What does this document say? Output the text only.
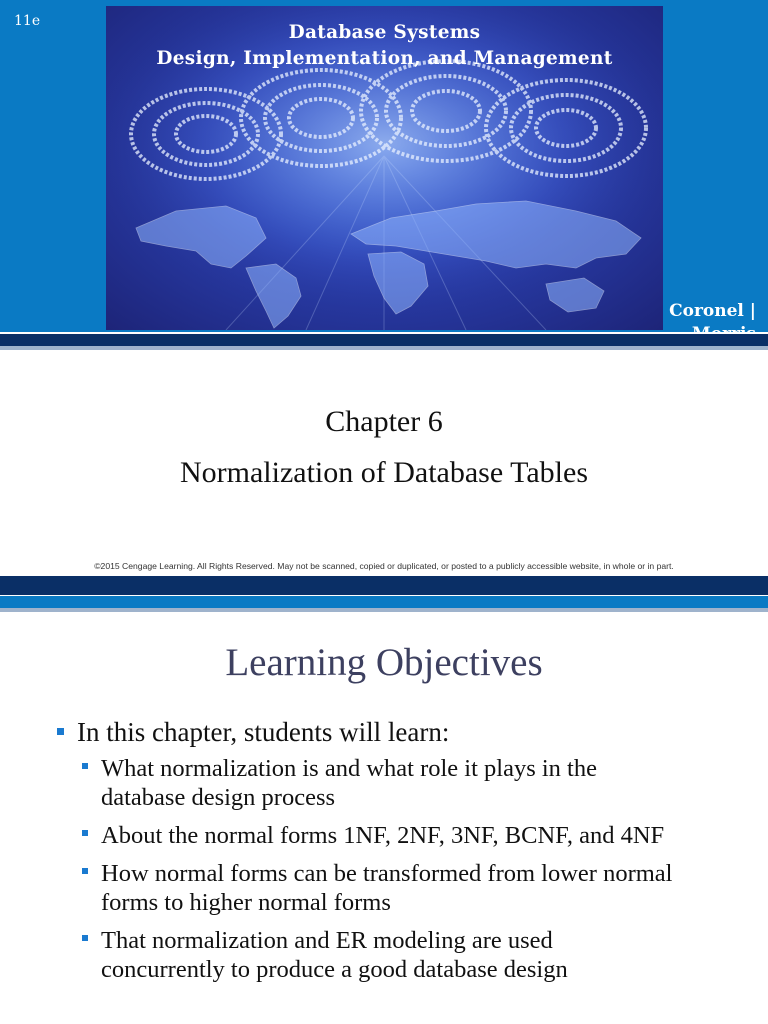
11e
Database Systems
Design, Implementation, and Management
Coronel |
Chapter 6
Normalization of Database Tables
©2015 Cengage Learning. All Rights Reserved. May not be scanned, copied or duplicated, or posted to a publicly accessible website, in whole or in part.
Learning Objectives
In this chapter, students will learn:
What normalization is and what role it plays in the database design process
About the normal forms 1NF, 2NF, 3NF, BCNF, and 4NF
How normal forms can be transformed from lower normal forms to higher normal forms
That normalization and ER modeling are used concurrently to produce a good database design
